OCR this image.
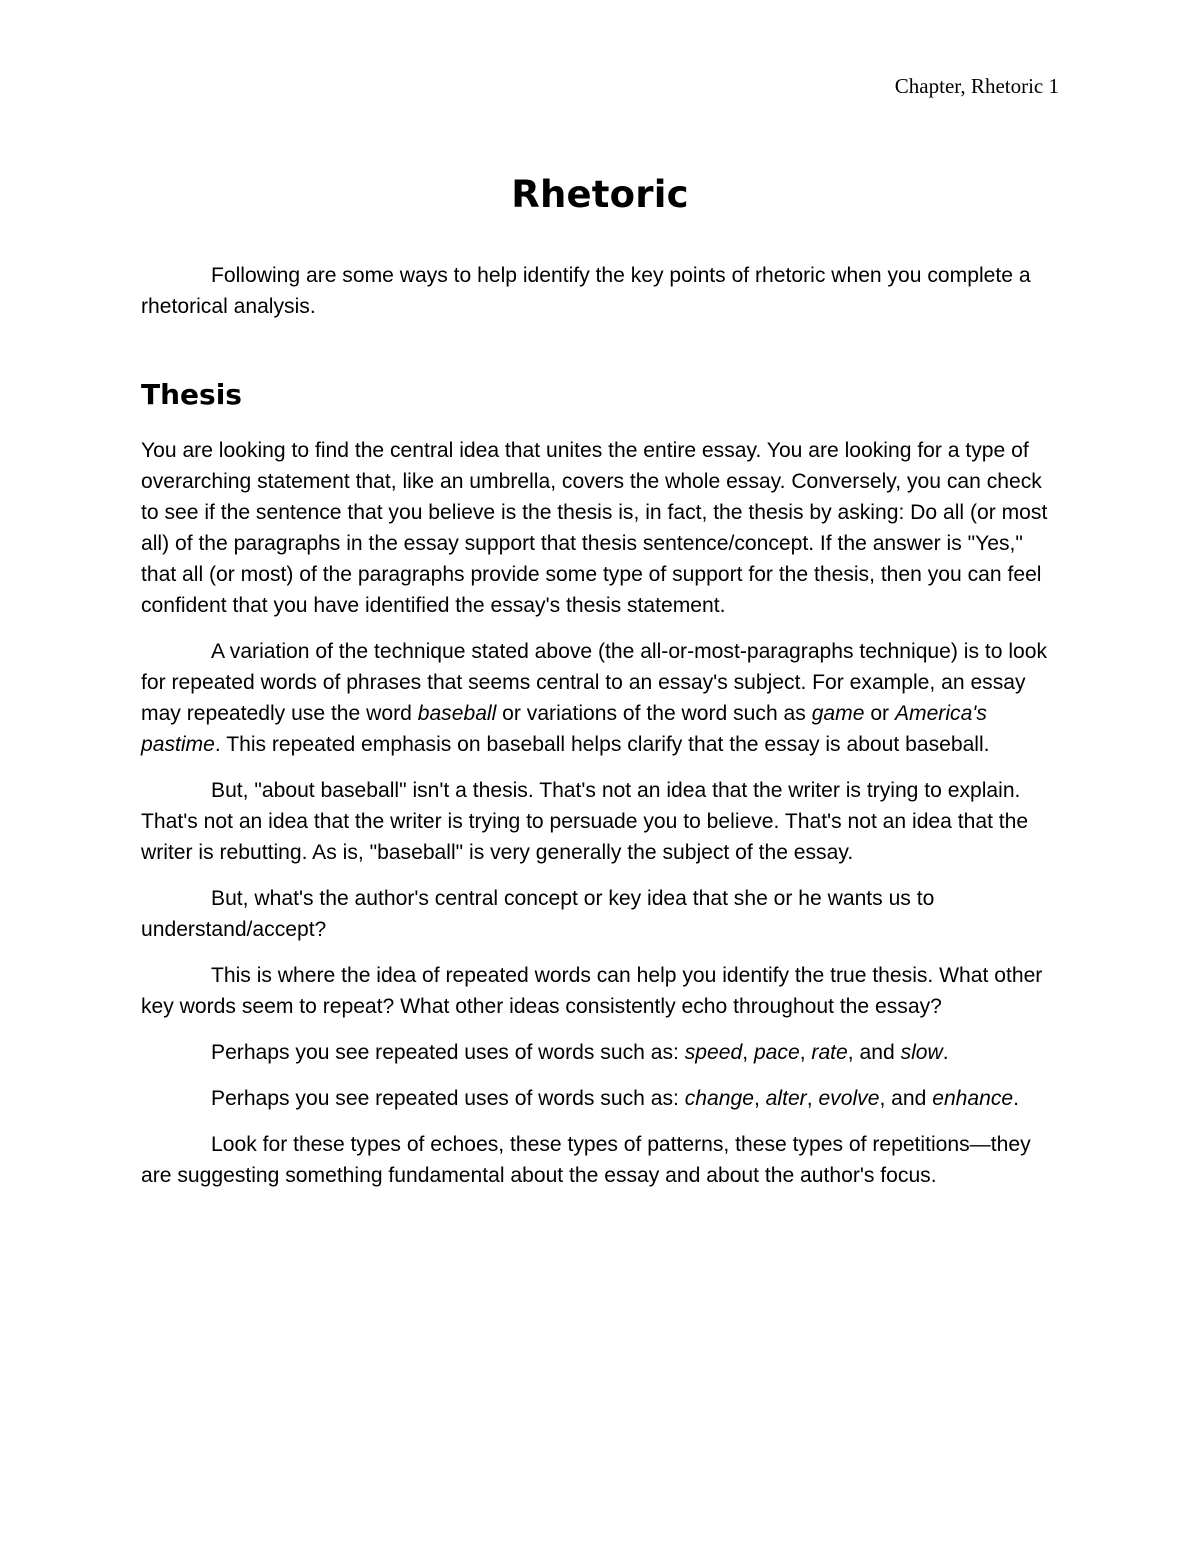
Chapter, Rhetoric 1
Rhetoric

Following are some ways to help identify the key points of rhetoric when you complete a rhetorical analysis.

Thesis

You are looking to find the central idea that unites the entire essay. You are looking for a type of overarching statement that, like an umbrella, covers the whole essay. Conversely, you can check to see if the sentence that you believe is the thesis is, in fact, the thesis by asking: Do all (or most all) of the paragraphs in the essay support that thesis sentence/concept. If the answer is "Yes," that all (or most) of the paragraphs provide some type of support for the thesis, then you can feel confident that you have identified the essay's thesis statement.

A variation of the technique stated above (the all-or-most-paragraphs technique) is to look for repeated words of phrases that seems central to an essay's subject. For example, an essay may repeatedly use the word baseball or variations of the word such as game or America's pastime. This repeated emphasis on baseball helps clarify that the essay is about baseball.

But, "about baseball" isn't a thesis. That's not an idea that the writer is trying to explain. That's not an idea that the writer is trying to persuade you to believe. That's not an idea that the writer is rebutting. As is, "baseball" is very generally the subject of the essay.

But, what's the author's central concept or key idea that she or he wants us to understand/accept?

This is where the idea of repeated words can help you identify the true thesis. What other key words seem to repeat? What other ideas consistently echo throughout the essay?

Perhaps you see repeated uses of words such as: speed, pace, rate, and slow.

Perhaps you see repeated uses of words such as: change, alter, evolve, and enhance.

Look for these types of echoes, these types of patterns, these types of repetitions—they are suggesting something fundamental about the essay and about the author's focus.
